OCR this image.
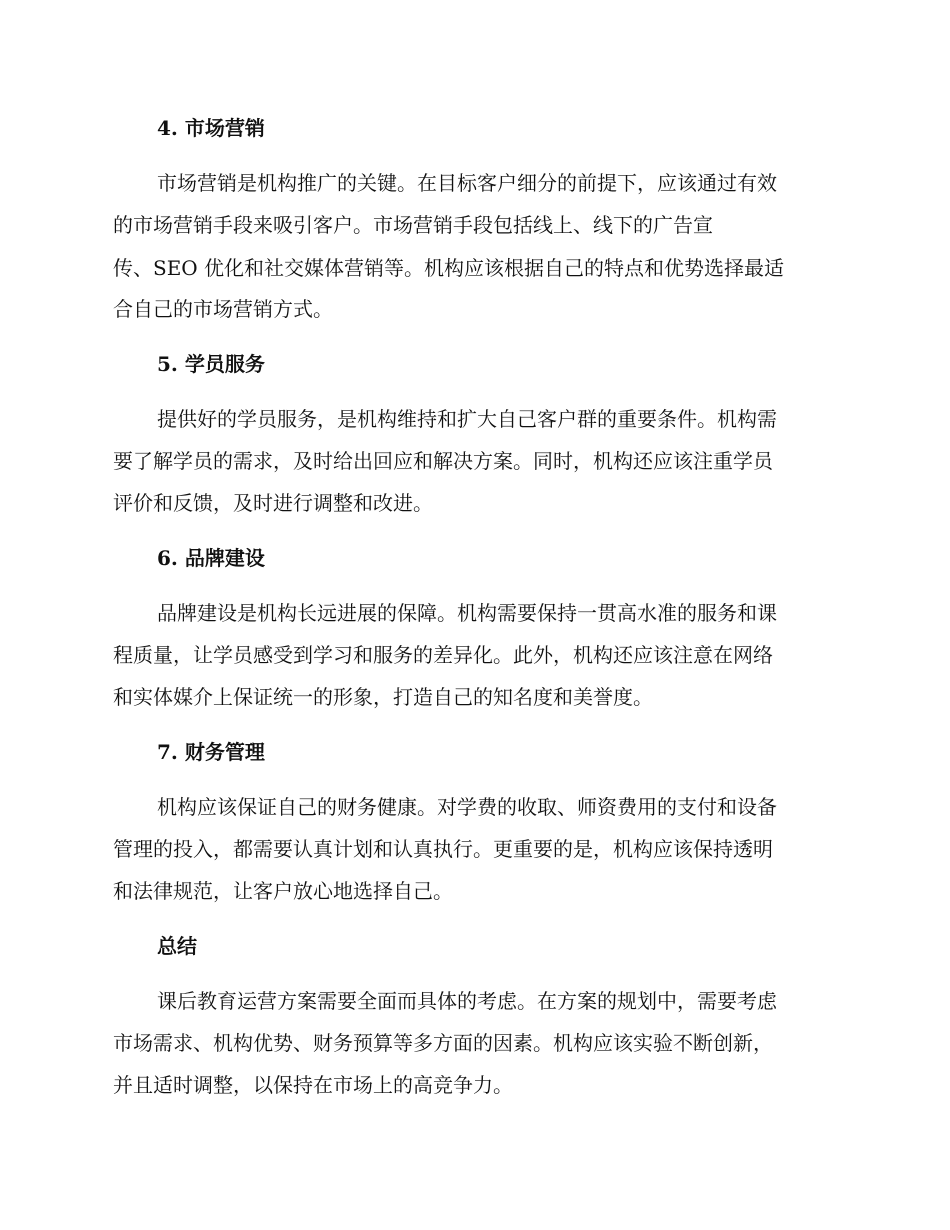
4. 市场营销
市场营销是机构推广的关键。在目标客户细分的前提下，应该通过有效
的市场营销手段来吸引客户。市场营销手段包括线上、线下的广告宣
传、SEO 优化和社交媒体营销等。机构应该根据自己的特点和优势选择最适
合自己的市场营销方式。
5. 学员服务
提供好的学员服务，是机构维持和扩大自己客户群的重要条件。机构需
要了解学员的需求，及时给出回应和解决方案。同时，机构还应该注重学员
评价和反馈，及时进行调整和改进。
6. 品牌建设
品牌建设是机构长远进展的保障。机构需要保持一贯高水准的服务和课
程质量，让学员感受到学习和服务的差异化。此外，机构还应该注意在网络
和实体媒介上保证统一的形象，打造自己的知名度和美誉度。
7. 财务管理
机构应该保证自己的财务健康。对学费的收取、师资费用的支付和设备
管理的投入，都需要认真计划和认真执行。更重要的是，机构应该保持透明
和法律规范，让客户放心地选择自己。
总结
课后教育运营方案需要全面而具体的考虑。在方案的规划中，需要考虑
市场需求、机构优势、财务预算等多方面的因素。机构应该实验不断创新，
并且适时调整，以保持在市场上的高竞争力。
